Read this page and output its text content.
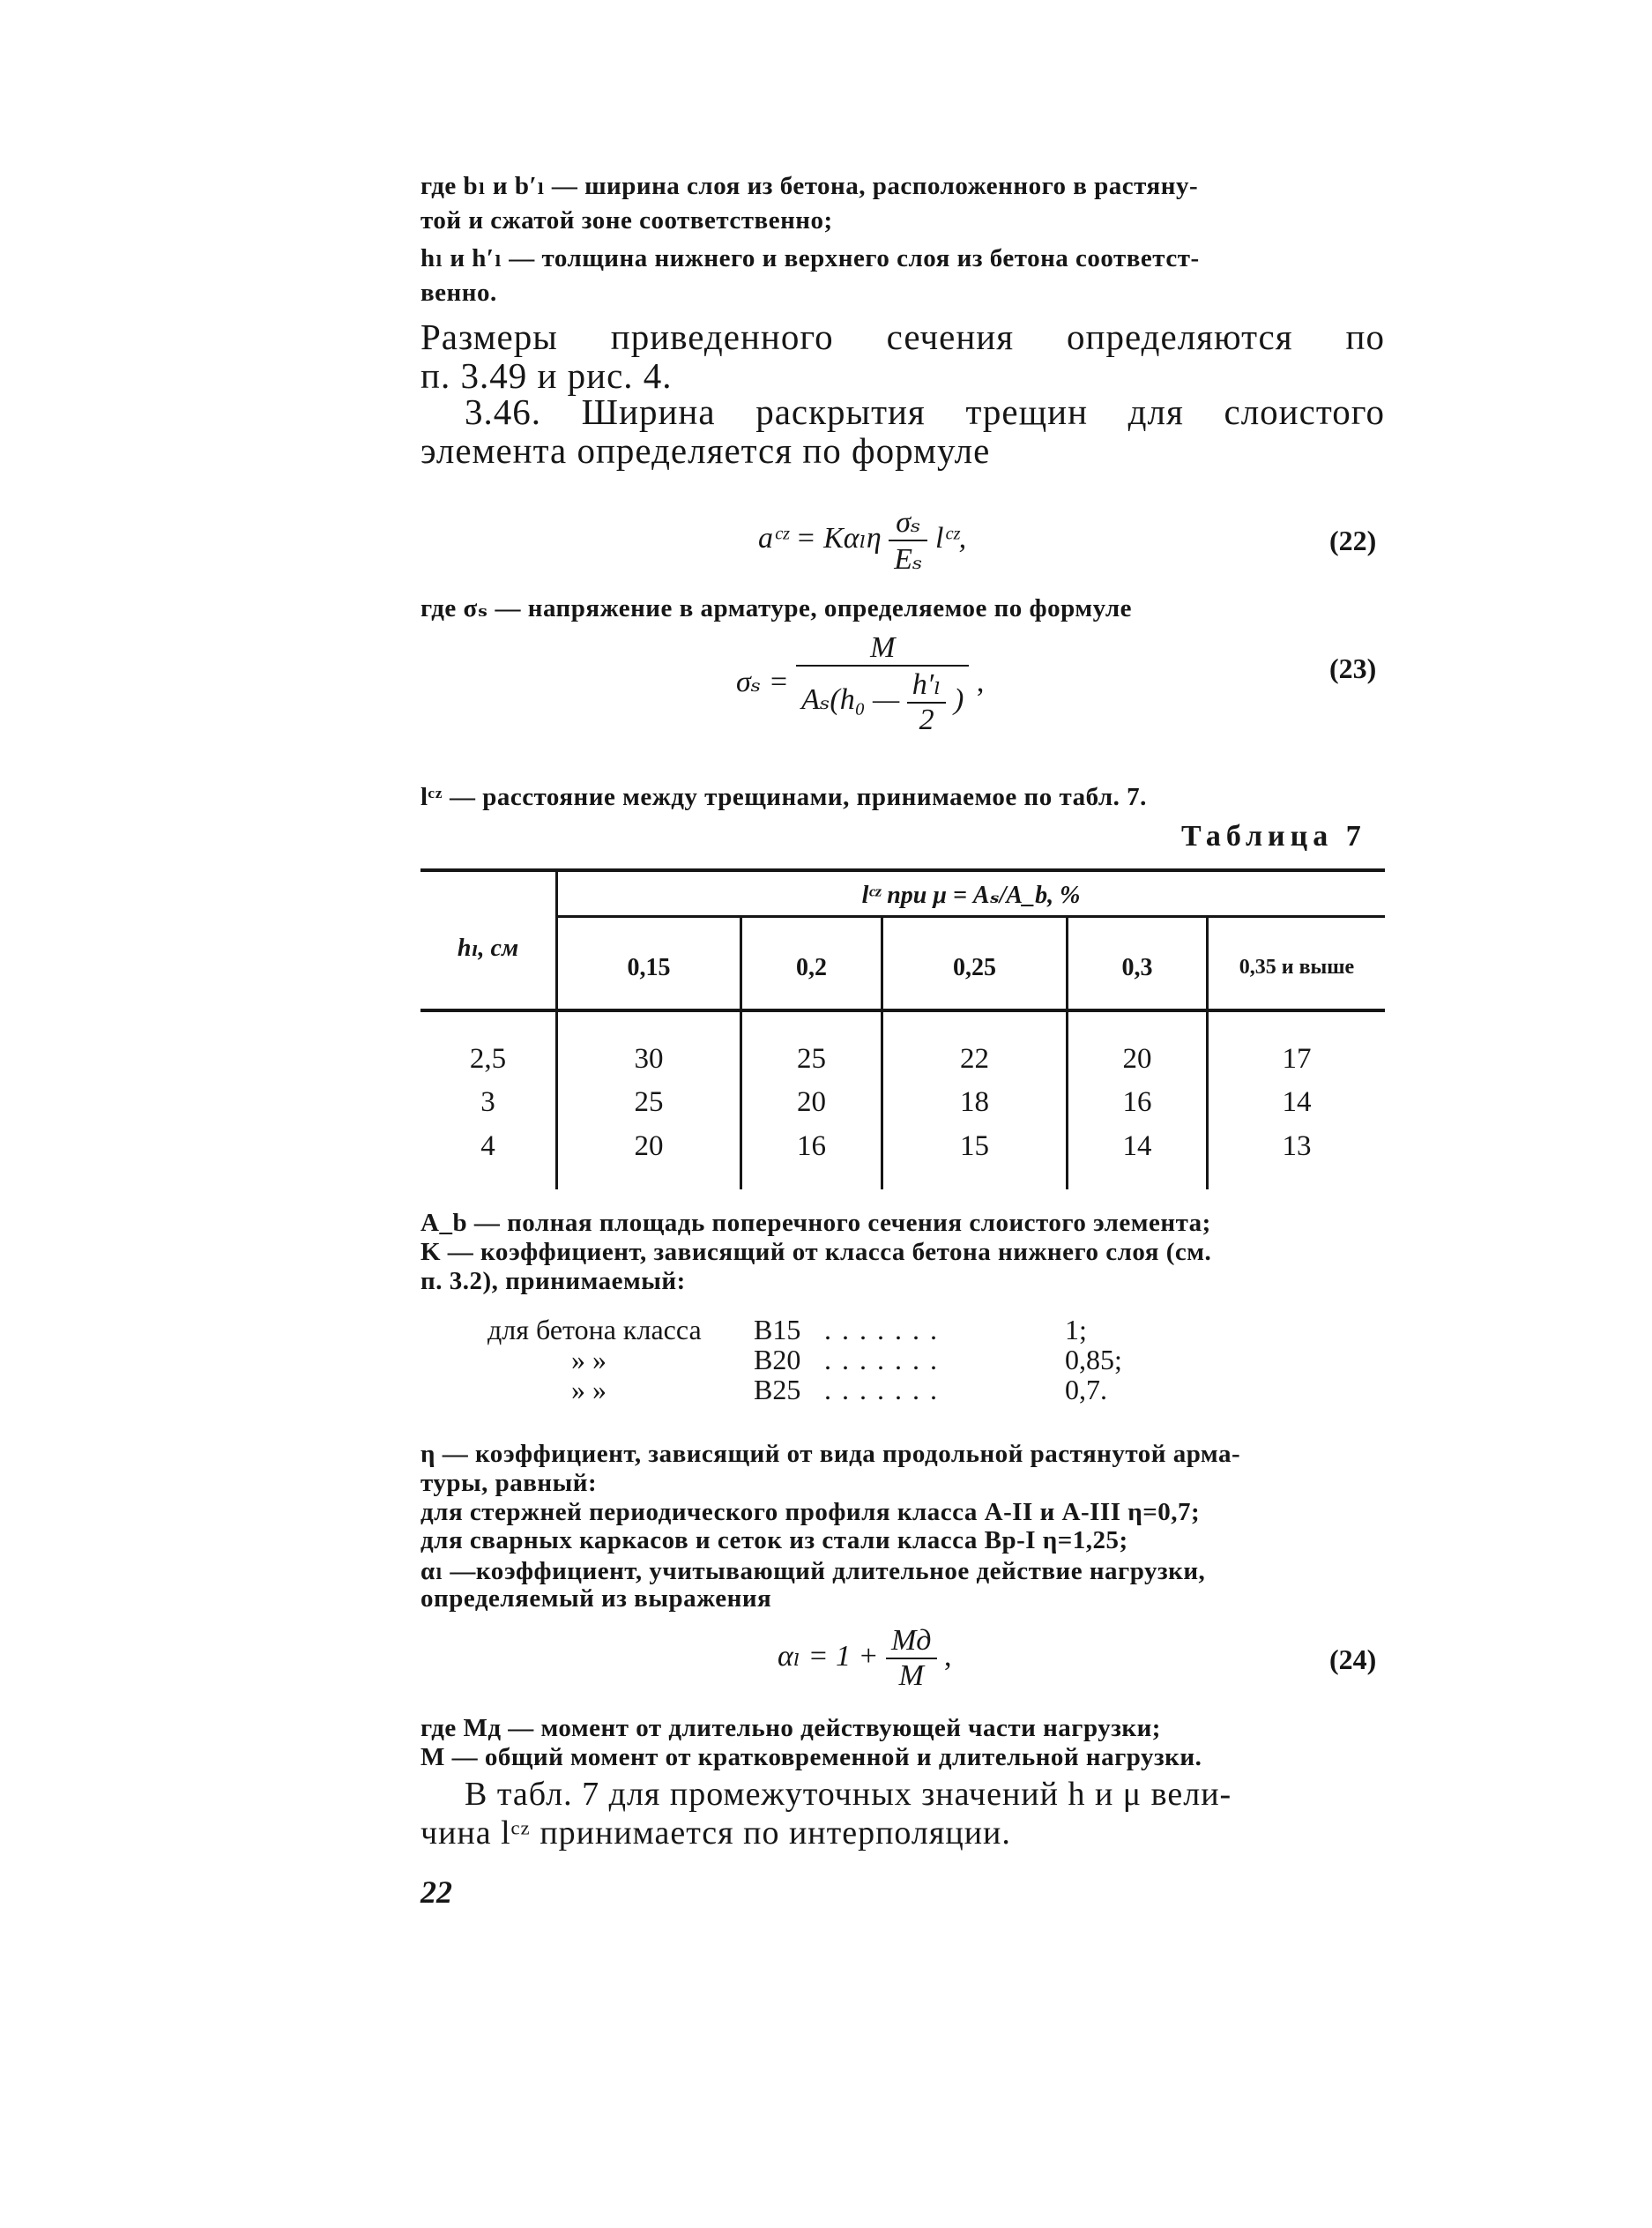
где bₗ и b′ₗ — ширина слоя из бетона, расположенного в растяну-
той и сжатой зоне соответственно;
hₗ и h′ₗ — толщина нижнего и верхнего слоя из бетона соответст-
венно.
Размеры приведенного сечения определяются по
п. 3.49 и рис. 4.
3.46. Ширина раскрытия трещин для слоистого
элемента определяется по формуле
aᶜᶻ = Kαₗη $\frac{\text{σₛ}}{\text{Eₛ}}$ lᶜᶻ,	(22)
где σₛ — напряжение в арматуре, определяемое по формуле
σₛ =
M
Aₛ(h₀ — $\frac{\text{h′ₗ}}{2}$ )
,	(23)
lᶜᶻ — расстояние между трещинами, принимаемое по табл. 7.
Таблица 7
lᶜᶻ при μ = Aₛ/A_b, %
hₗ, см
0,15	0,2	0,25	0,3	0,35 и выше
2,5	30	25	22	20	17
3	25	20	18	16	14
4	20	16	15	14	13
A_b — полная площадь поперечного сечения слоистого элемента;
K — коэффициент, зависящий от класса бетона нижнего слоя (см.
п. 3.2), принимаемый:
для бетона класса B15 . . . . . . .	1;
» »	B20 . . . . . . .	0,85;
» »	B25 . . . . . . .	0,7.
η — коэффициент, зависящий от вида продольной растянутой арма-
туры, равный:
для стержней периодического профиля класса А-II и А-III η=0,7;
для сварных каркасов и сеток из стали класса Вр-I η=1,25;
αₗ —коэффициент, учитывающий длительное действие нагрузки,
определяемый из выражения
$\alpha_l = 1 + \frac{Mд}{M}$ ,	(24)
где Mд — момент от длительно действующей части нагрузки;
M — общий момент от кратковременной и длительной нагрузки.
В табл. 7 для промежуточных значений h и μ вели-
чина lᶜᶻ принимается по интерполяции.
22
